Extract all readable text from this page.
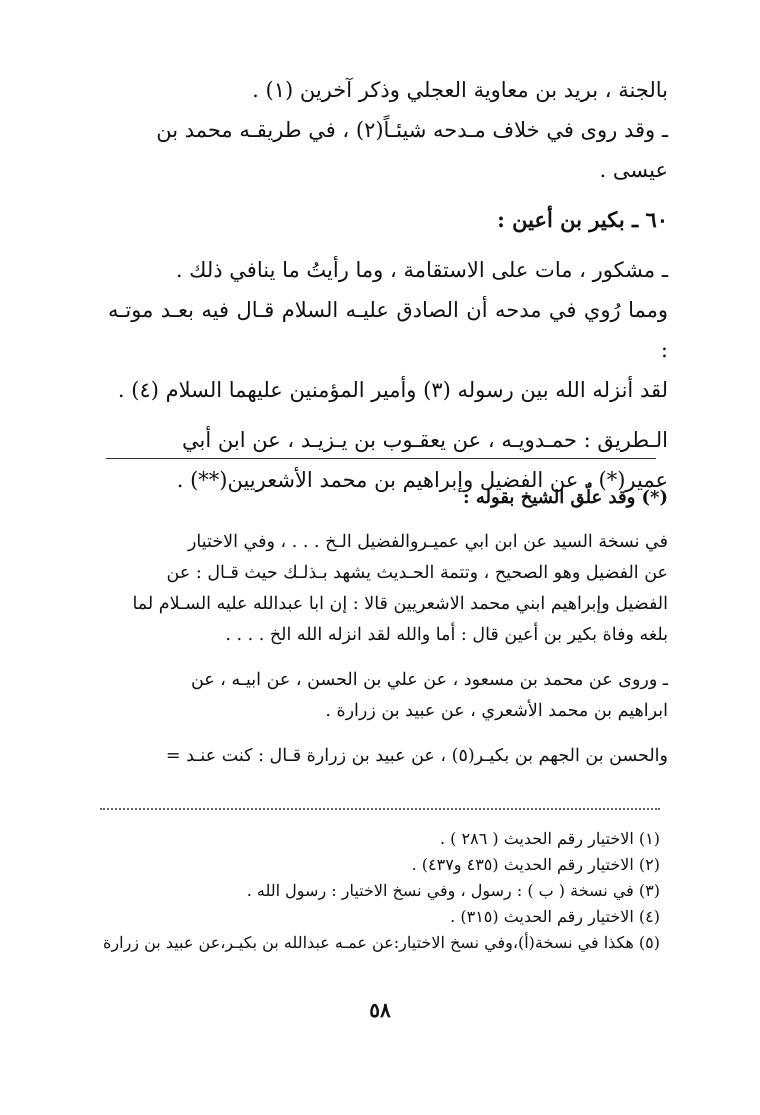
بالجنة ، بريد بن معاوية العجلي وذكر آخرين (١) .

ـ وقد روى في خلاف مـدحه شيئـاً(٢) ، في طريقـه محمد بن

عيسى .

٦٠ ـ بكير بن أعين :

ـ مشكور ، مات على الاستقامة ، وما رأيتُ ما ينافي ذلك .

ومما رُوي في مدحه أن الصادق عليـه السلام قـال فيه بعـد موتـه :

لقد أنزله الله بين رسوله (٣) وأمير المؤمنين عليهما السلام (٤) .

الـطريق : حمـدويـه ، عن يعقـوب بن يـزيـد ، عن ابن أبي

عمير(*) ، عن الفضيل وإبراهيم بن محمد الأشعريين(**) .

(*) وقد علّق الشيخ بقوله :

في نسخة السيد عن ابن ابي عميـروالفضيل الـخ . . . ، وفي الاختيار

عن الفضيل وهو الصحيح ، وتتمة الحـديث يشهد بـذلـك حيث قـال : عن

الفضيل وإبراهيم ابني محمد الاشعريين قالا : إن ابا عبدالله عليه السـلام لما

بلغه وفاة بكير بن أعين قال : أما والله لقد انزله الله الخ . . . .

ـ وروى عن محمد بن مسعود ، عن علي بن الحسن ، عن ابيـه ، عن

ابراهيم بن محمد الأشعري ، عن عبيد بن زرارة .

والحسن بن الجهم بن بكيـر(٥) ، عن عبيد بن زرارة قـال : كنت عنـد =

(١) الاختيار رقم الحديث ( ٢٨٦ ) .

(٢) الاختيار رقم الحديث (٤٣٥ و٤٣٧) .

(٣) في نسخة ( ب ) : رسول ، وفي نسخ الاختيار : رسول الله .

(٤) الاختيار رقم الحديث (٣١٥) .

(٥) هكذا في نسخة(أ)،وفي نسخ الاختيار:عن عمـه عبدالله بن بكيـر،عن عبيد بن زرارة

٥٨
